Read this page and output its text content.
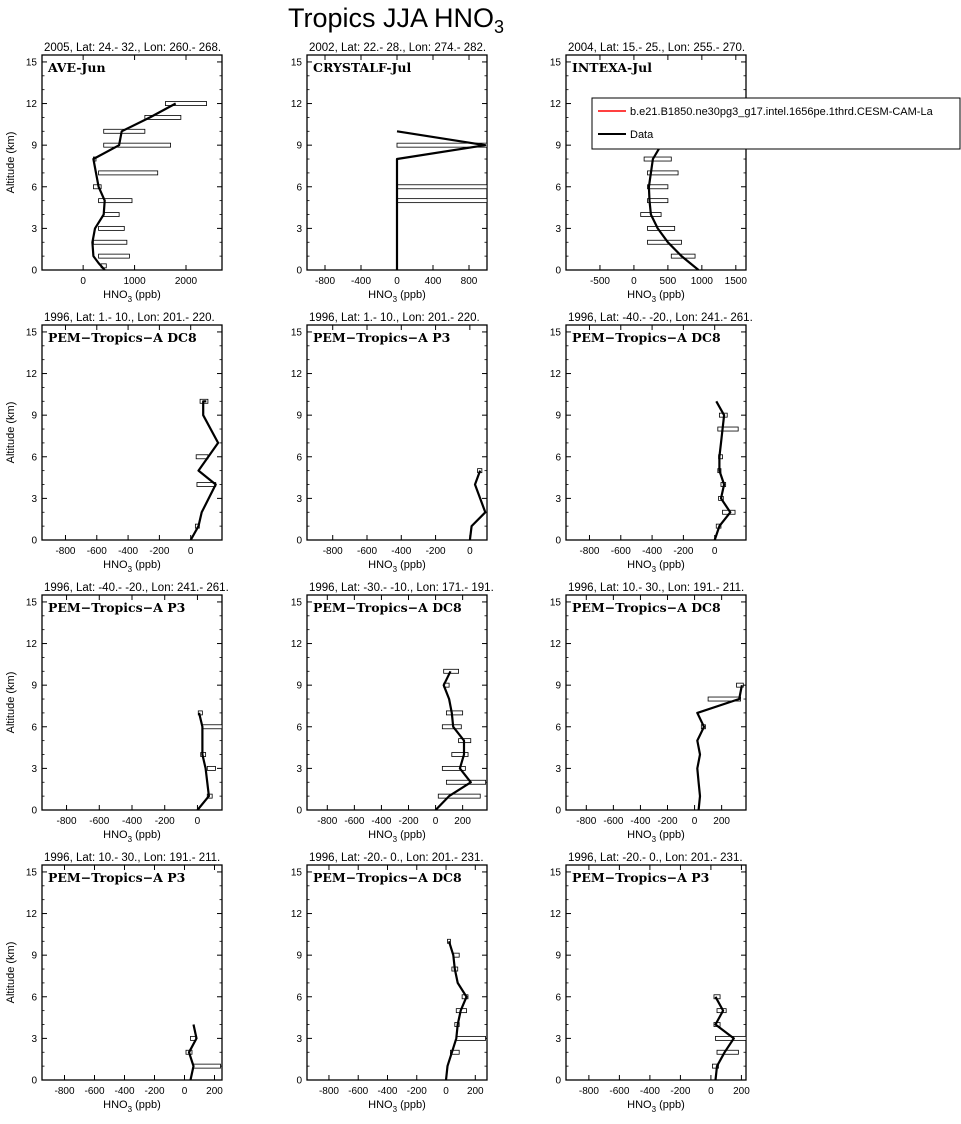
Tropics JJA $HNO_3$
2005, Lat: 24.- 32., Lon: 260.- 268.
0
3
6
9
12
15
0	1000	2000
$HNO_3$ (ppb)
Altitude (km)
AVE-Jun
2002, Lat: 22.- 28., Lon: 274.- 282.
0
3
6
9
12
15
-800 -400 0 400 800
$HNO_3$ (ppb)
CRYSTALF-Jul
2004, Lat: 15.- 25., Lon: 255.- 270.
0
3
6
9
12
15
-500 0 500 1000 1500
$HNO_3$ (ppb)
INTEXA-Jul
1996, Lat: 1.- 10., Lon: 201.- 220.
0
3
6
9
12
15
-800 -600 -400 -200 0
$HNO_3$ (ppb)
Altitude (km)
PEM−Tropics−A DC8
1996, Lat: 1.- 10., Lon: 201.- 220.
0
3
6
9
12
15
-800 -600 -400 -200 0
$HNO_3$ (ppb)
PEM−Tropics−A P3
1996, Lat: -40.- -20., Lon: 241.- 261.
0
3
6
9
12
15
-800 -600 -400 -200 0
$HNO_3$ (ppb)
PEM−Tropics−A DC8
1996, Lat: -40.- -20., Lon: 241.- 261.
0
3
6
9
12
15
-800 -600 -400 -200 0
$HNO_3$ (ppb)
Altitude (km)
PEM−Tropics−A P3
1996, Lat: -30.- -10., Lon: 171.- 191.
0
3
6
9
12
15
-800 -600 -400 -200 0 200
$HNO_3$ (ppb)
PEM−Tropics−A DC8
1996, Lat: 10.- 30., Lon: 191.- 211.
0
3
6
9
12
15
-800 -600 -400 -200 0 200
$HNO_3$ (ppb)
PEM−Tropics−A DC8
1996, Lat: 10.- 30., Lon: 191.- 211.
0
3
6
9
12
15
-800 -600 -400 -200 0 200
$HNO_3$ (ppb)
Altitude (km)
PEM−Tropics−A P3
1996, Lat: -20.- 0., Lon: 201.- 231.
0
3
6
9
12
15
-800 -600 -400 -200 0 200
$HNO_3$ (ppb)
PEM−Tropics−A DC8
1996, Lat: -20.- 0., Lon: 201.- 231.
0
3
6
9
12
15
-800 -600 -400 -200 0 200
$HNO_3$ (ppb)
PEM−Tropics−A P3
b.e21.B1850.ne30pg3_g17.intel.1656pe.1thrd.CESM-CAM-La
Data
